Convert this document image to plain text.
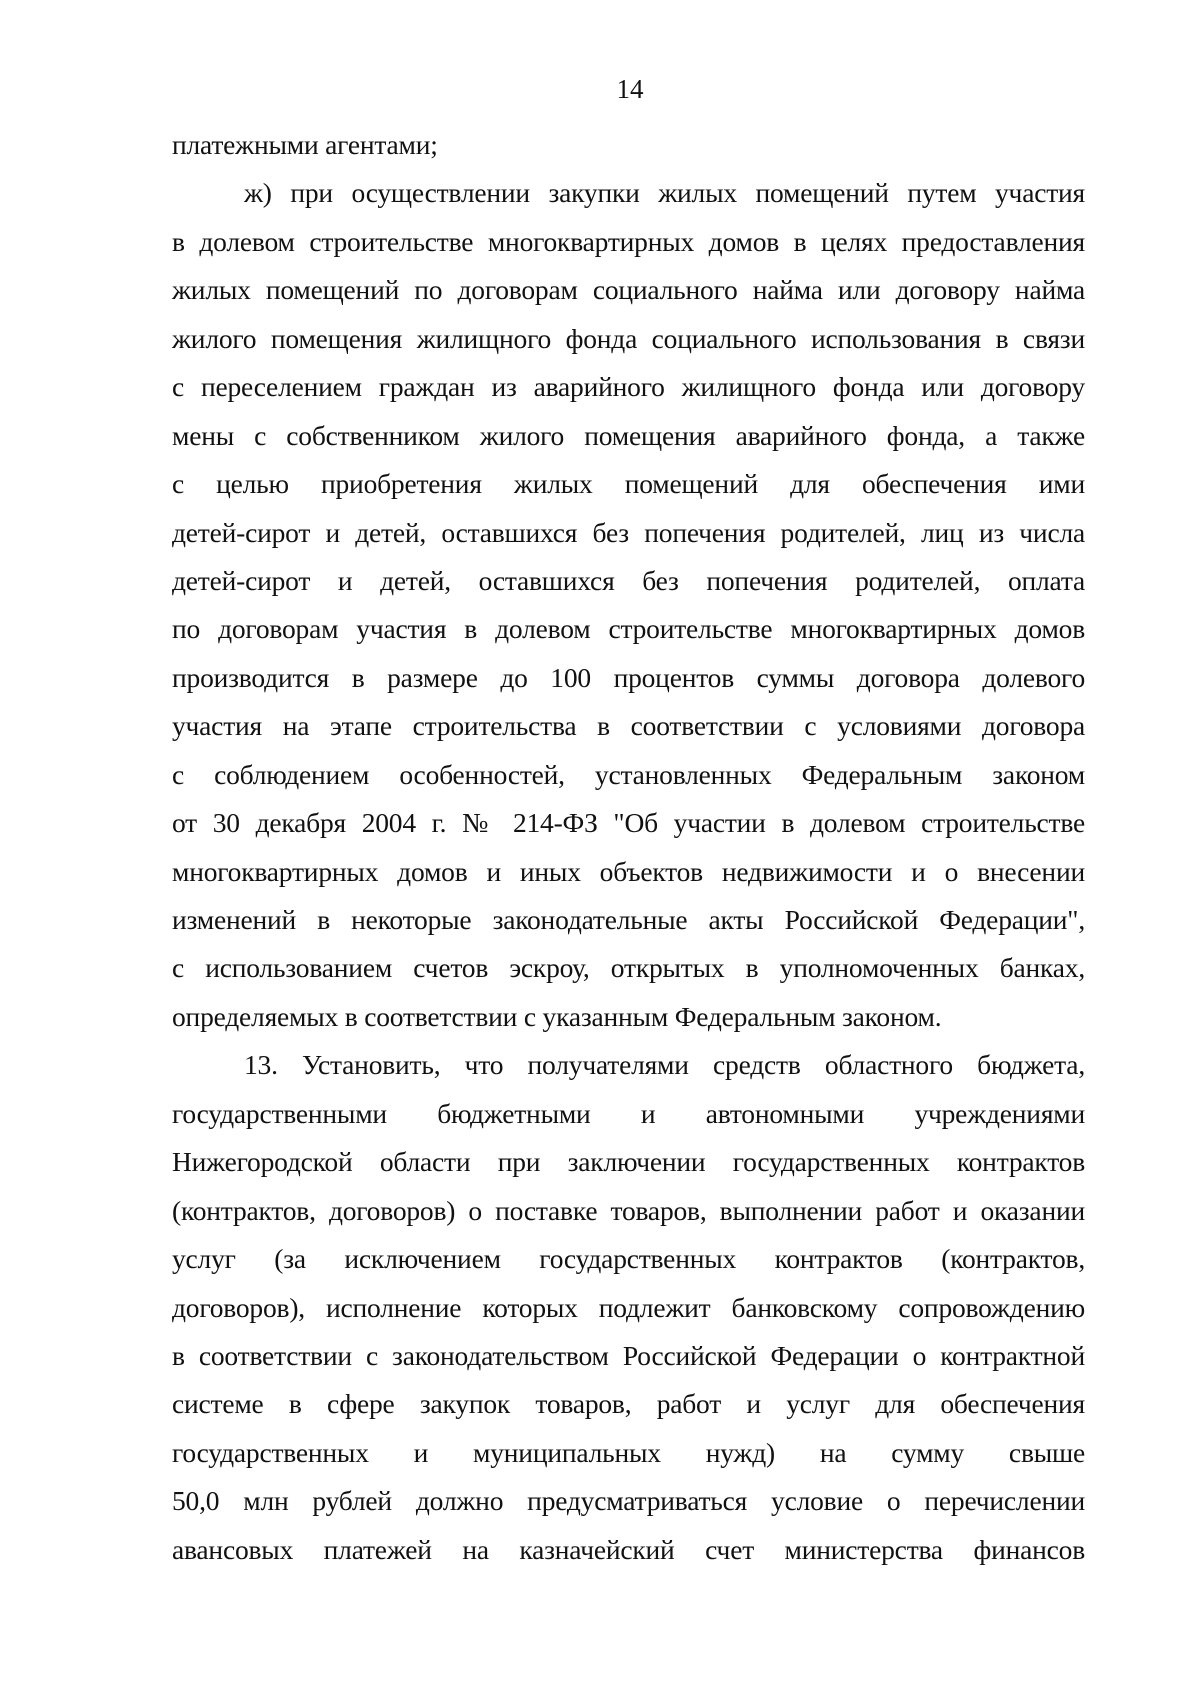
14
платежными агентами;
ж) при осуществлении закупки жилых помещений путем участия
в долевом строительстве многоквартирных домов в целях предоставления
жилых помещений по договорам социального найма или договору найма
жилого помещения жилищного фонда социального использования в связи
с переселением граждан из аварийного жилищного фонда или договору
мены с собственником жилого помещения аварийного фонда, а также
с целью приобретения жилых помещений для обеспечения ими
детей-сирот и детей, оставшихся без попечения родителей, лиц из числа
детей-сирот и детей, оставшихся без попечения родителей, оплата
по договорам участия в долевом строительстве многоквартирных домов
производится в размере до 100 процентов суммы договора долевого
участия на этапе строительства в соответствии с условиями договора
с соблюдением особенностей, установленных Федеральным законом
от 30 декабря 2004 г. № 214-ФЗ "Об участии в долевом строительстве
многоквартирных домов и иных объектов недвижимости и о внесении
изменений в некоторые законодательные акты Российской Федерации",
с использованием счетов эскроу, открытых в уполномоченных банках,
определяемых в соответствии с указанным Федеральным законом.
13. Установить, что получателями средств областного бюджета,
государственными бюджетными и автономными учреждениями
Нижегородской области при заключении государственных контрактов
(контрактов, договоров) о поставке товаров, выполнении работ и оказании
услуг (за исключением государственных контрактов (контрактов,
договоров), исполнение которых подлежит банковскому сопровождению
в соответствии с законодательством Российской Федерации о контрактной
системе в сфере закупок товаров, работ и услуг для обеспечения
государственных и муниципальных нужд) на сумму свыше
50,0 млн рублей должно предусматриваться условие о перечислении
авансовых платежей на казначейский счет министерства финансов
